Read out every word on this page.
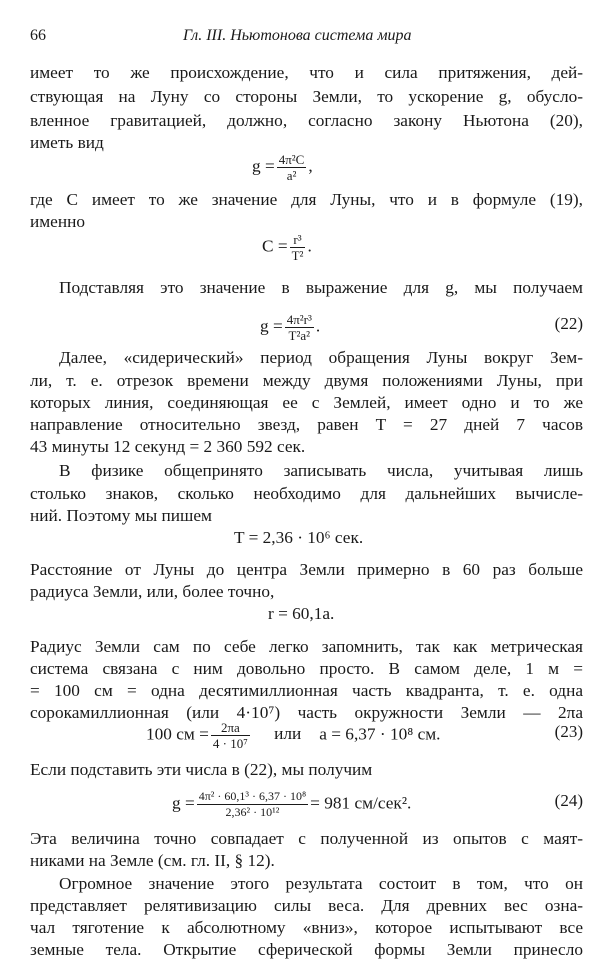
66	Гл. III. Ньютонова система мира
имеет то же происхождение, что и сила притяжения, дей-
ствующая на Луну со стороны Земли, то ускорение g, обусло-
вленное гравитацией, должно, согласно закону Ньютона (20),
иметь вид
$g = \frac{\text{4π²C}}{\text{a²}}$ ,
где C имеет то же значение для Луны, что и в формуле (19),
именно
$C = \frac{\text{r³}}{\text{T²}}$ .
Подставляя это значение в выражение для g, мы получаем
$g = \frac{\text{4π²r³}}{\text{T²a²}}$ .	(22)
Далее, «сидерический» период обращения Луны вокруг Зем-
ли, т. е. отрезок времени между двумя положениями Луны, при
которых линия, соединяющая ее с Землей, имеет одно и то же
направление относительно звезд, равен T = 27 дней 7 часов
43 минуты 12 секунд = 2 360 592 сек.
В физике общепринято записывать числа, учитывая лишь
столько знаков, сколько необходимо для дальнейших вычисле-
ний. Поэтому мы пишем
T = 2,36 · 10⁶ сек.
Расстояние от Луны до центра Земли примерно в 60 раз больше
радиуса Земли, или, более точно,
r = 60,1a.
Радиус Земли сам по себе легко запомнить, так как метрическая
система связана с ним довольно просто. В самом деле, 1 м =
= 100 см = одна десятимиллионная часть квадранта, т. е. одна
сорокамиллионная (или 4·10⁷) часть окружности Земли — 2πa
100 см = $\frac{2\pi a}{\text{4 · 10⁷}}$ или a = 6,37 · 10⁸ см.	(23)
Если подставить эти числа в (22), мы получим
$g = \frac{\text{4π² · 60,1³ · 6,37 · 10⁸}}{\text{2,36² · 10¹²}} = 981$ см/сек².	(24)
Эта величина точно совпадает с полученной из опытов с маят-
никами на Земле (см. гл. II, § 12).
Огромное значение этого результата состоит в том, что он
представляет релятивизацию силы веса. Для древних вес озна-
чал тяготение к абсолютному «вниз», которое испытывают все
земные тела. Открытие сферической формы Земли принесло
